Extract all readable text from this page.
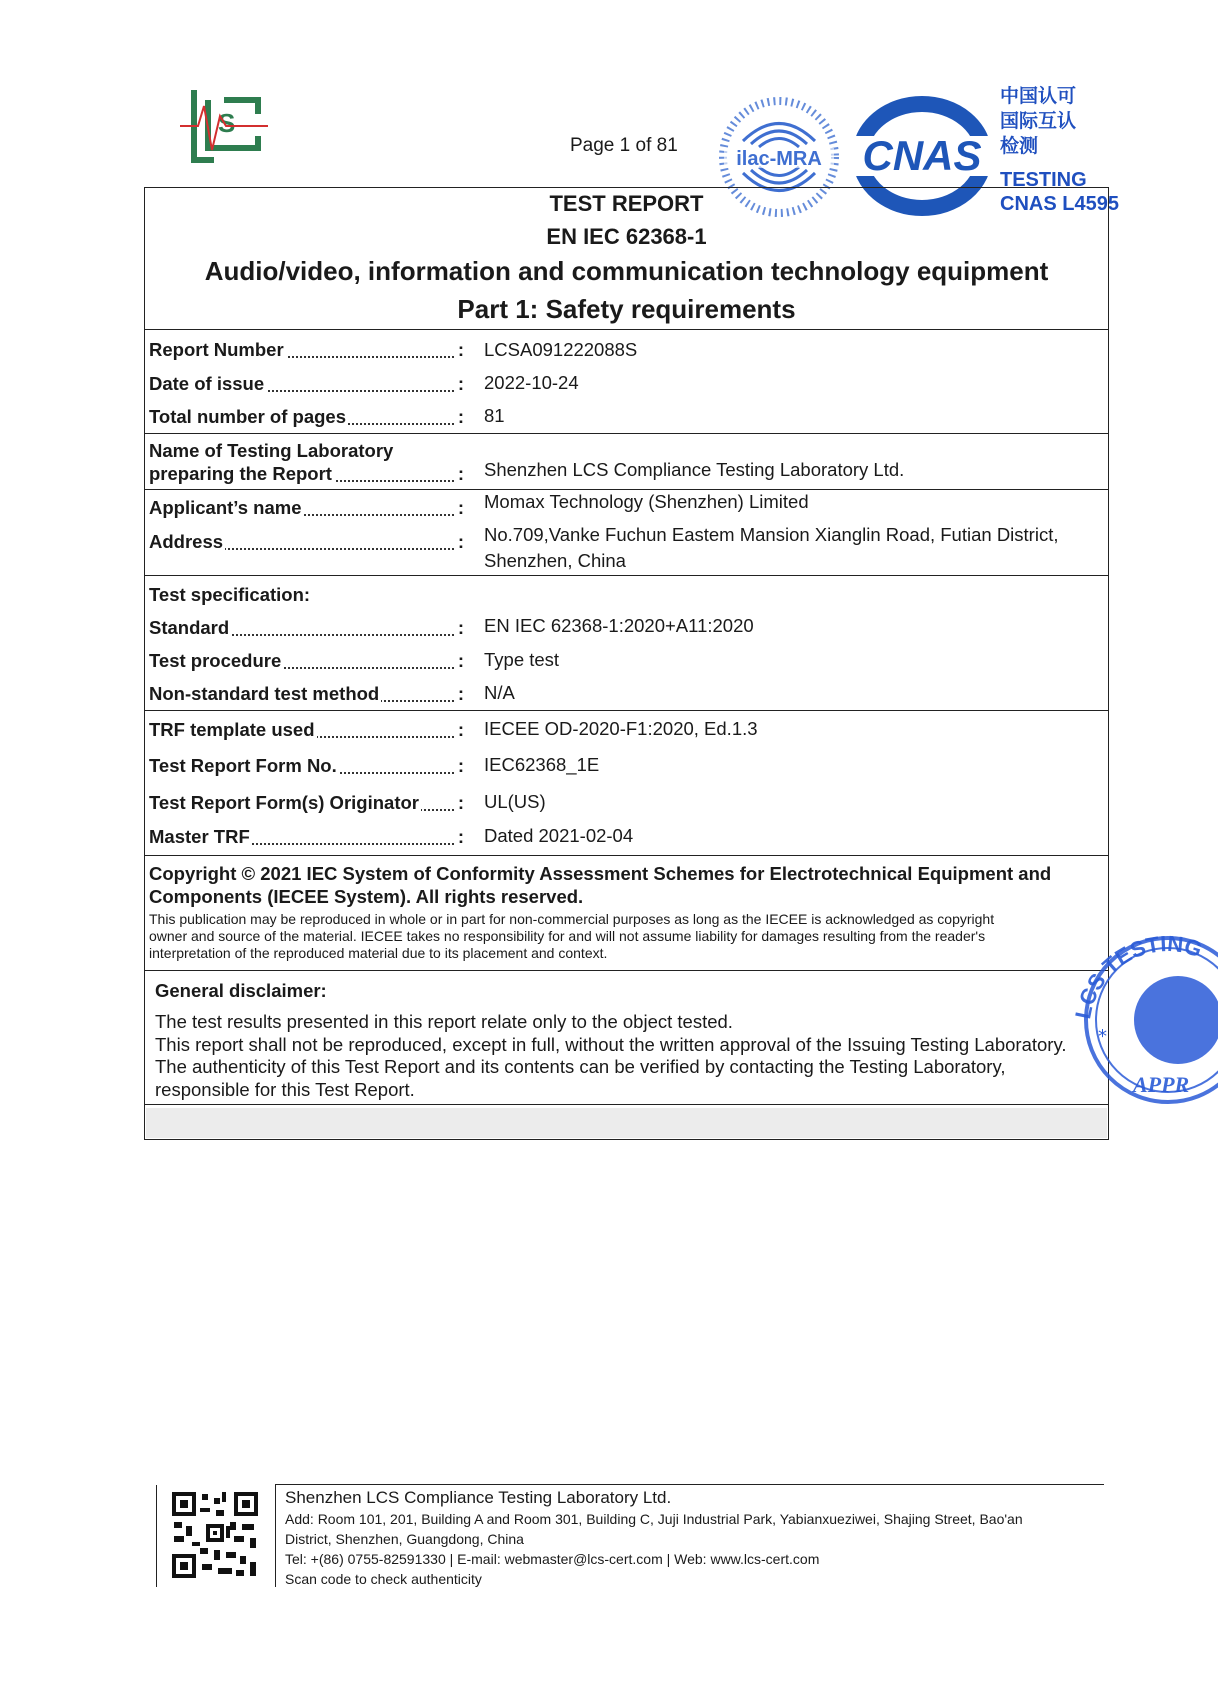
S
Page 1 of 81
ilac-MRA CNAS
中国认可
国际互认
检测
TESTING
CNAS L4595
TEST REPORT
EN IEC 62368-1
Audio/video, information and communication technology equipment
Part 1: Safety requirements
Report Number	: LCSA091222088S
Date of issue	: 2022-10-24
Total number of pages	: 81
Name of Testing Laboratory
preparing the Report	: Shenzhen LCS Compliance Testing Laboratory Ltd.
Applicant’s name	: Momax Technology (Shenzhen) Limited
Address	: No.709,Vanke Fuchun Eastem Mansion Xianglin Road, Futian District,
Shenzhen, China
Test specification:
Standard	: EN IEC 62368-1:2020+A11:2020
Test procedure	: Type test
Non-standard test method	: N/A
TRF template used	: IECEE OD-2020-F1:2020, Ed.1.3
Test Report Form No.	: IEC62368_1E
Test Report Form(s) Originator : UL(US)
Master TRF	: Dated 2021-02-04
Copyright © 2021 IEC System of Conformity Assessment Schemes for Electrotechnical Equipment and
Components (IECEE System). All rights reserved.
This publication may be reproduced in whole or in part for non-commercial purposes as long as the IECEE is acknowledged as copyright
owner and source of the material. IECEE takes no responsibility for and will not assume liability for damages resulting from the reader's
interpretation of the reproduced material due to its placement and context.
General disclaimer:
The test results presented in this report relate only to the object tested.
This report shall not be reproduced, except in full, without the written approval of the Issuing Testing Laboratory.
The authenticity of this Test Report and its contents can be verified by contacting the Testing Laboratory,
responsible for this Test Report.
LCS TESTING
APPR
*
Shenzhen LCS Compliance Testing Laboratory Ltd.
Add: Room 101, 201, Building A and Room 301, Building C, Juji Industrial Park, Yabianxueziwei, Shajing Street, Bao'an
District, Shenzhen, Guangdong, China
Tel: +(86) 0755-82591330 | E-mail: webmaster@lcs-cert.com | Web: www.lcs-cert.com
Scan code to check authenticity
